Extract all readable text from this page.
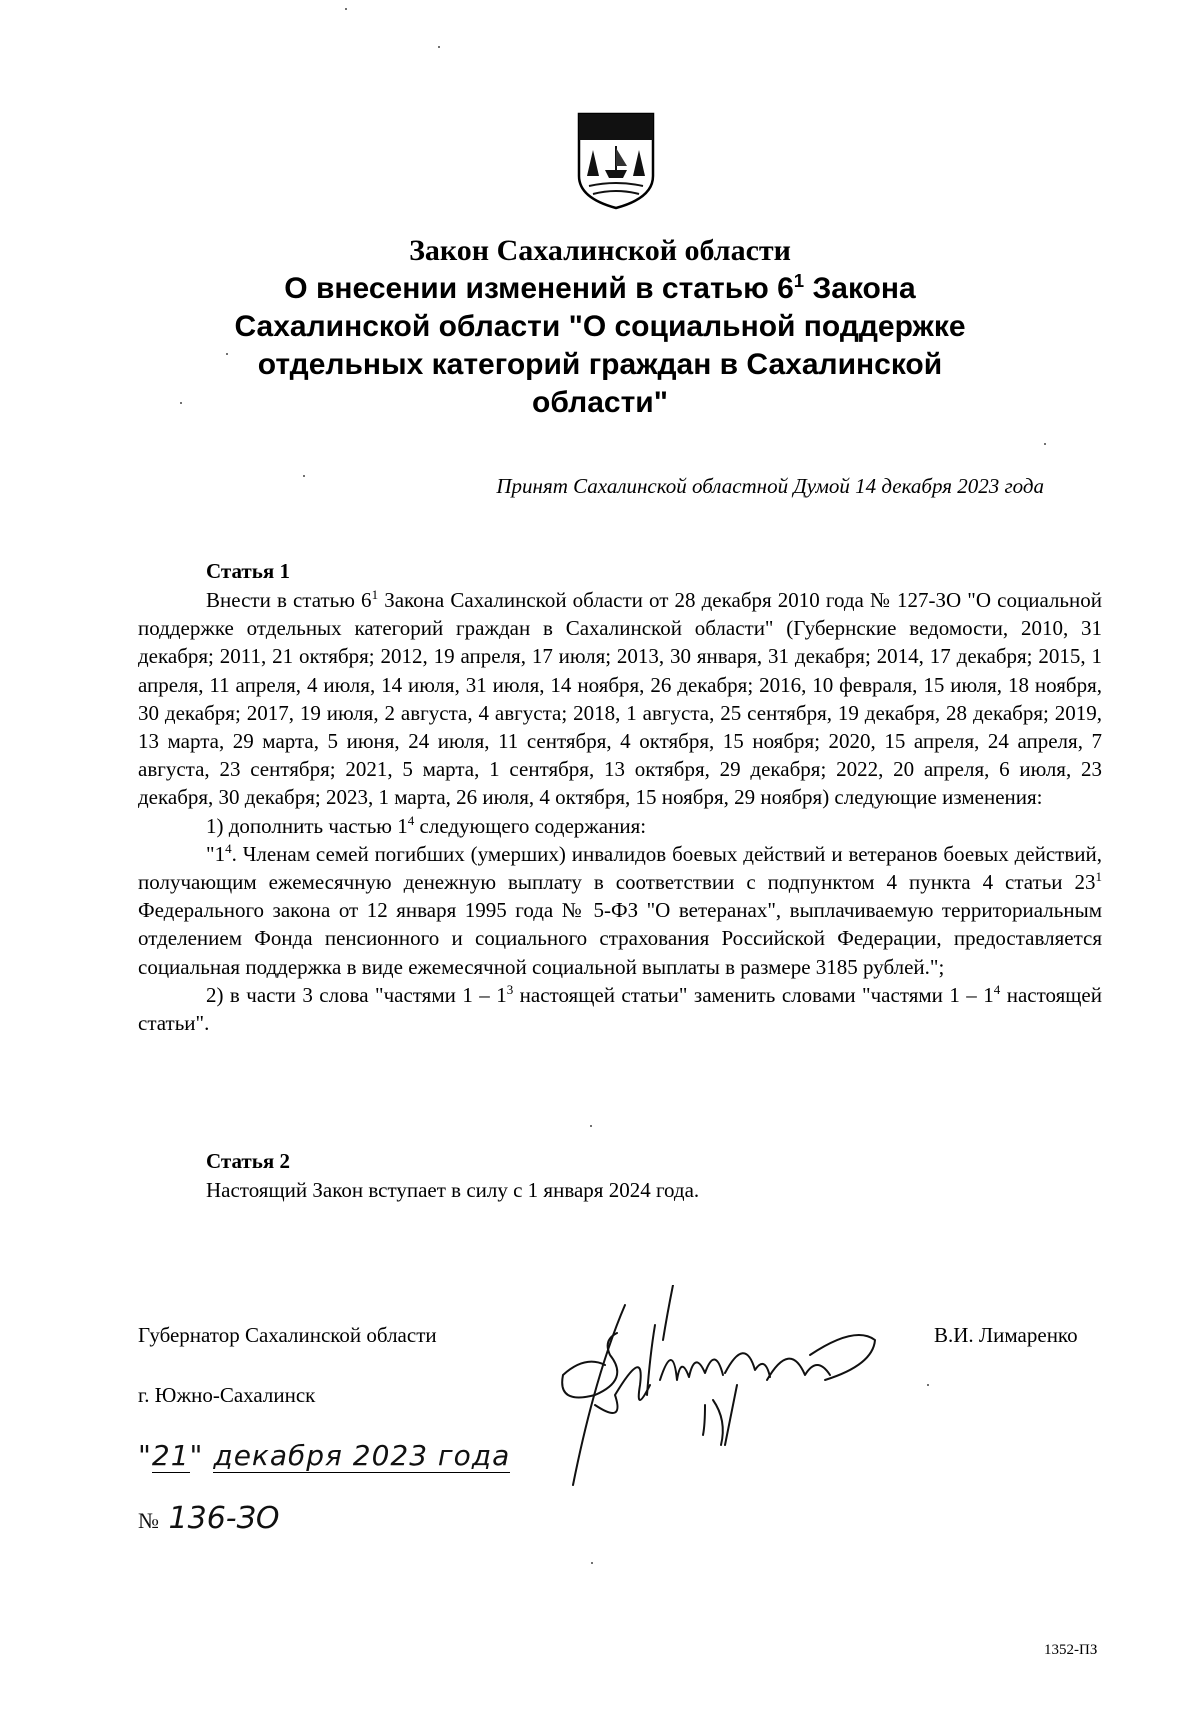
Закон Сахалинской области
О внесении изменений в статью $6^1$ Закона
Сахалинской области "О социальной поддержке
отдельных категорий граждан в Сахалинской
области"
Принят Сахалинской областной Думой 14 декабря 2023 года
Статья 1

Внести в статью $6^1$ Закона Сахалинской области от 28 декабря 2010 года № 127-ЗО "О социальной поддержке отдельных категорий граждан в Сахалинской области" (Губернские ведомости, 2010, 31 декабря; 2011, 21 октября; 2012, 19 апреля, 17 июля; 2013, 30 января, 31 декабря; 2014, 17 декабря; 2015, 1 апреля, 11 апреля, 4 июля, 14 июля, 31 июля, 14 ноября, 26 декабря; 2016, 10 февраля, 15 июля, 18 ноября, 30 декабря; 2017, 19 июля, 2 августа, 4 августа; 2018, 1 августа, 25 сентября, 19 декабря, 28 декабря; 2019, 13 марта, 29 марта, 5 июня, 24 июля, 11 сентября, 4 октября, 15 ноября; 2020, 15 апреля, 24 апреля, 7 августа, 23 сентября; 2021, 5 марта, 1 сентября, 13 октября, 29 декабря; 2022, 20 апреля, 6 июля, 23 декабря, 30 декабря; 2023, 1 марта, 26 июля, 4 октября, 15 ноября, 29 ноября) следующие изменения:

1) дополнить частью $1^4$ следующего содержания:

"$1^4$. Членам семей погибших (умерших) инвалидов боевых действий и ветеранов боевых действий, получающим ежемесячную денежную выплату в соответствии с подпунктом 4 пункта 4 статьи $23^1$ Федерального закона от 12 января 1995 года № 5-ФЗ "О ветеранах", выплачиваемую территориальным отделением Фонда пенсионного и социального страхования Российской Федерации, предоставляется социальная поддержка в виде ежемесячной социальной выплаты в размере 3185 рублей.";

2) в части 3 слова "частями $1 - 1^3$ настоящей статьи" заменить словами "частями $1 - 1^4$ настоящей статьи".

Статья 2
Настоящий Закон вступает в силу с 1 января 2024 года.
Губернатор Сахалинской области
г. Южно-Сахалинск
В.И. Лимаренко
"21" декабря 2023 года
№ 136-ЗО
1352-ПЗ
